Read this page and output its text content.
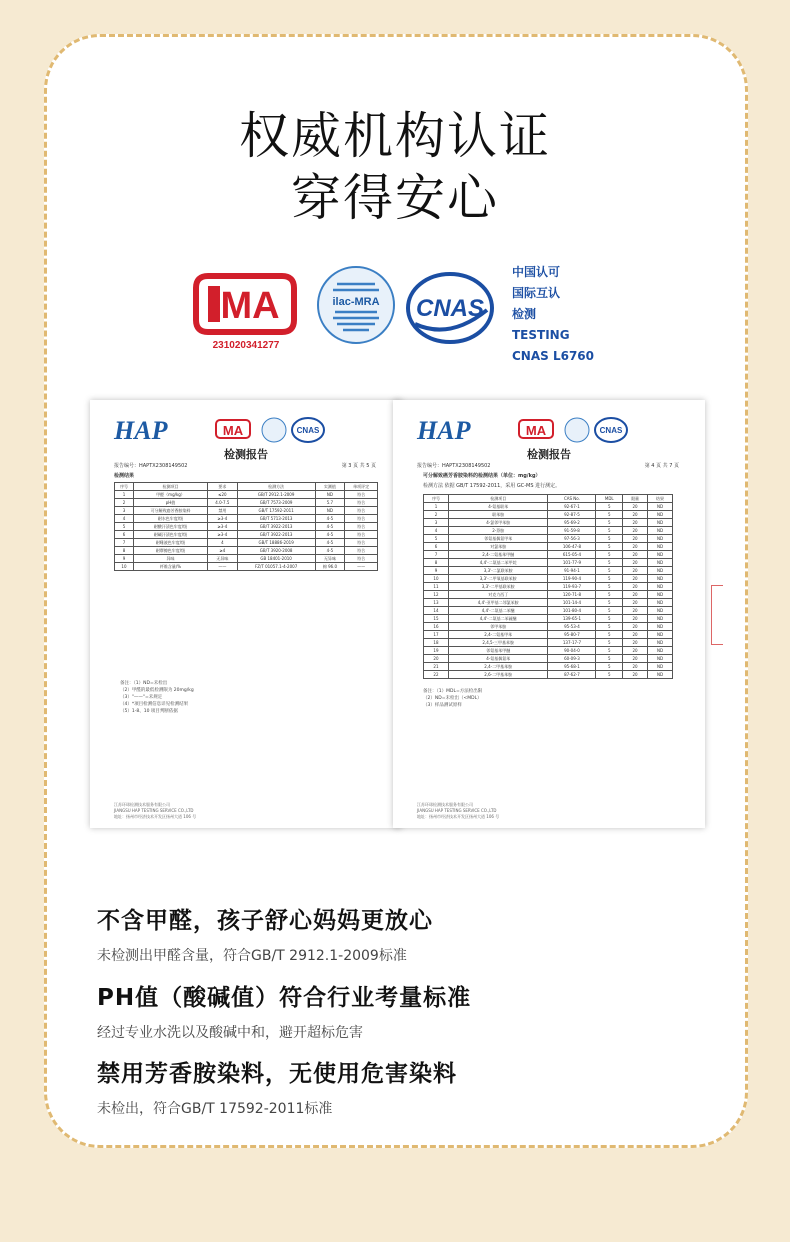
权威机构认证
穿得安心
MA
231020341277
ilac-MRA CNAS
中国认可
国际互认
检测
TESTING
CNAS L6760
HAP	MA	CNAS
检测报告
报告编号：HAPTX2308149502	第 3 页 共 5 页
检测结果
序号	检测项目	要求	检测方法	实测值	单项评定
1	甲醛（mg/kg）	≤20	GB/T 2912.1-2009	ND	符合
2	pH值	4.0-7.5	GB/T 7573-2009	5.7	符合
3	可分解致癌芳香胺染料	禁用	GB/T 17592-2011	ND	符合
4	耐水色牢度/级	≥3-4	GB/T 5713-2013	4-5	符合
5	耐酸汗渍色牢度/级	≥3-4	GB/T 3922-2013	4-5	符合
6	耐碱汗渍色牢度/级	≥3-4	GB/T 3922-2013	4-5	符合
7	耐唾液色牢度/级	4	GB/T 18886-2019	4-5	符合
8	耐摩擦色牢度/级	≥4	GB/T 3920-2008	4-5	符合
9	异味	无异味	GB 18401-2010	无异味	符合
10	纤维含量/%	——	FZ/T 01057.1-4-2007	棉 96.0	——
备注：（1）ND=未检出
（2）甲醛的最低检测限为 20mg/kg
（3）"——"=未规定
（4）*项目检测信息详见检测结果
（5）1-8、10 项目判断依据
江苏环球检测技术服务有限公司
JIANGSU HAP TESTING SERVICE CO.,LTD
地址：扬州市经济技术开发区扬州大道 106 号
HAP	MA	CNAS
检测报告
报告编号：HAPTX2308149502	第 4 页 共 7 页
可分解致癌芳香胺染料的检测结果（单位：mg/kg）
检测方法 依据 GB/T 17592-2011，采用 GC-MS 进行测定。
序号	检测项目	CAS No.	MDL	限量	结果
1	4-氨基联苯	92-67-1	5	20	ND
2	联苯胺	92-87-5	5	20	ND
3	4-氯邻甲苯胺	95-69-2	5	20	ND
4	2-萘胺	91-59-8	5	20	ND
5	邻氨基偶氮甲苯	97-56-3	5	20	ND
6	对氯苯胺	106-47-8	5	20	ND
7	2,4-二氨基苯甲醚	615-05-4	5	20	ND
8	4,4'-二氨基二苯甲烷	101-77-9	5	20	ND
9	3,3'-二氯联苯胺	91-94-1	5	20	ND
10	3,3'-二甲氧基联苯胺	119-90-4	5	20	ND
11	3,3'-二甲基联苯胺	119-93-7	5	20	ND
12	对克力西丁	120-71-8	5	20	ND
13	4,4'-亚甲基二邻氯苯胺	101-14-4	5	20	ND
14	4,4'-二氨基二苯醚	101-80-4	5	20	ND
15	4,4'-二氨基二苯硫醚	139-65-1	5	20	ND
16	邻甲苯胺	95-53-4	5	20	ND
17	2,4-二氨基甲苯	95-80-7	5	20	ND
18	2,4,5-三甲基苯胺	137-17-7	5	20	ND
19	邻氨基苯甲醚	90-04-0	5	20	ND
20	4-氨基偶氮苯	60-09-3	5	20	ND
21	2,4-二甲基苯胺	95-68-1	5	20	ND
22	2,6-二甲基苯胺	87-62-7	5	20	ND
备注：（1）MDL=方法检出限
（2）ND=未检出（<MDL）
（3）样品测试原样
江苏环球检测技术服务有限公司
JIANGSU HAP TESTING SERVICE CO.,LTD
地址：扬州市经济技术开发区扬州大道 106 号
不含甲醛，孩子舒心妈妈更放心
未检测出甲醛含量，符合GB/T 2912.1-2009标准
PH值（酸碱值）符合行业考量标准
经过专业水洗以及酸碱中和，避开超标危害
禁用芳香胺染料，无使用危害染料
未检出，符合GB/T 17592-2011标准
